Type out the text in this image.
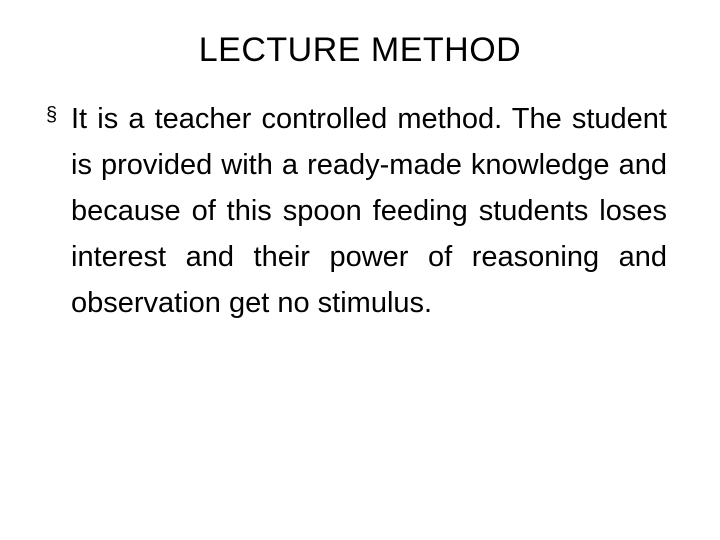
LECTURE METHOD
§ It is a teacher controlled method. The student is provided with a ready-made knowledge and because of this spoon feeding students loses interest and their power of reasoning and observation get no stimulus.
